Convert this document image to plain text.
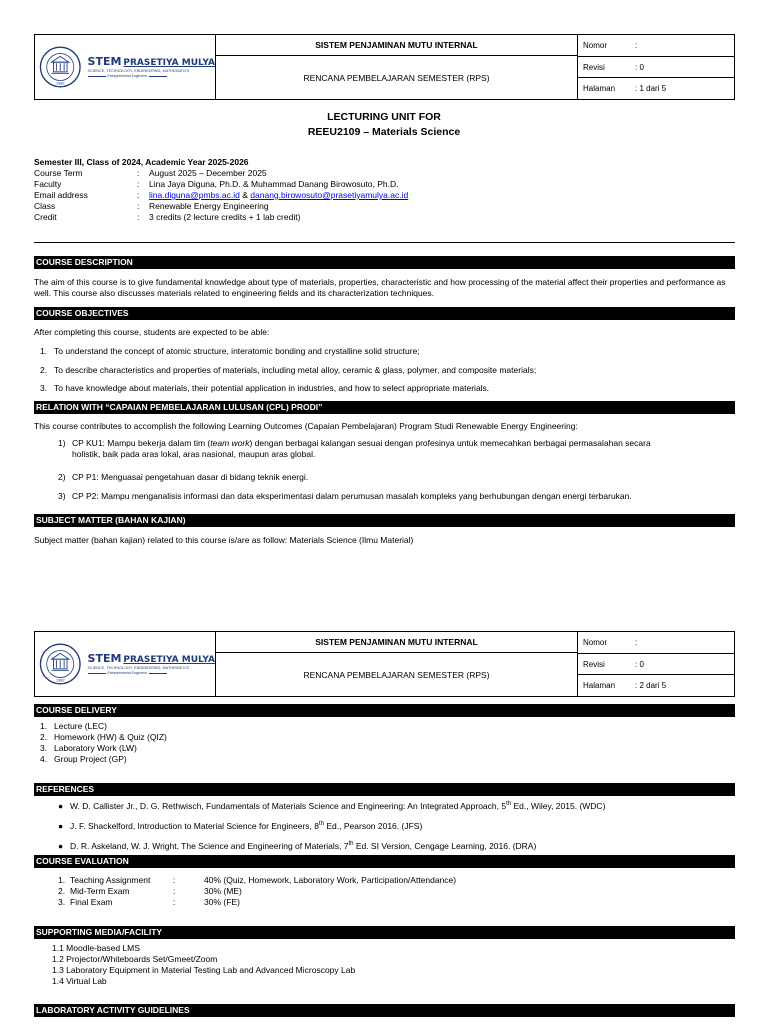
1982
STEM PRASETIYA MULYA
SCIENCE, TECHNOLOGY, ENGINEERING, MATHEMATICS
Entrepreneurial Engineers
SISTEM PENJAMINAN MUTU INTERNAL
RENCANA PEMBELAJARAN SEMESTER (RPS)
Nomor	:
Revisi	: 0
Halaman	: 1 dari 5
LECTURING UNIT FOR
REEU2109 – Materials Science
Semester III, Class of 2024, Academic Year 2025-2026
Course Term	:	August 2025 – December 2025
Faculty	:	Lina Jaya Diguna, Ph.D. & Muhammad Danang Birowosuto, Ph.D.
Email address	:	lina.diguna@pmbs.ac.id & danang.birowosuto@prasetiyamulya.ac.id
Class	:	Renewable Energy Engineering
Credit	:	3 credits (2 lecture credits + 1 lab credit)
COURSE DESCRIPTION
The aim of this course is to give fundamental knowledge about type of materials, properties, characteristic and how processing of the material affect their properties and performance as well. This course also discusses materials related to engineering fields and its characterization techniques.
COURSE OBJECTIVES
After completing this course, students are expected to be able:
1. To understand the concept of atomic structure, interatomic bonding and crystalline solid structure;
2. To describe characteristics and properties of materials, including metal alloy, ceramic & glass, polymer, and composite materials;
3. To have knowledge about materials, their potential application in industries, and how to select appropriate materials.
RELATION WITH “CAPAIAN PEMBELAJARAN LULUSAN (CPL) PRODI”
This course contributes to accomplish the following Learning Outcomes (Capaian Pembelajaran) Program Studi Renewable Energy Engineering:
1) CP KU1: Mampu bekerja dalam tim (team work) dengan berbagai kalangan sesuai dengan profesinya untuk memecahkan berbagai permasalahan secara
holistik, baik pada aras lokal, aras nasional, maupun aras global.
2) CP P1: Menguasai pengetahuan dasar di bidang teknik energi.
3) CP P2: Mampu menganalisis informasi dan data eksperimentasi dalam perumusan masalah kompleks yang berhubungan dengan energi terbarukan.
SUBJECT MATTER (BAHAN KAJIAN)
Subject matter (bahan kajian) related to this course is/are as follow: Materials Science (Ilmu Material)
1982
STEM PRASETIYA MULYA
SCIENCE, TECHNOLOGY, ENGINEERING, MATHEMATICS
Entrepreneurial Engineers
SISTEM PENJAMINAN MUTU INTERNAL
RENCANA PEMBELAJARAN SEMESTER (RPS)
Nomor	:
Revisi	: 0
Halaman	: 2 dari 5
COURSE DELIVERY
1. Lecture (LEC)
2. Homework (HW) & Quiz (QIZ)
3. Laboratory Work (LW)
4. Group Project (GP)
REFERENCES
● W. D. Callister Jr., D. G. Rethwisch, Fundamentals of Materials Science and Engineering: An Integrated Approach, 5th Ed., Wiley, 2015. (WDC)
● J. F. Shackelford, Introduction to Material Science for Engineers, 8th Ed., Pearson 2016. (JFS)
● D. R. Askeland, W. J. Wright, The Science and Engineering of Materials, 7th Ed. SI Version, Cengage Learning, 2016. (DRA)
COURSE EVALUATION
1. Teaching Assignment	:	40% (Quiz, Homework, Laboratory Work, Participation/Attendance)
2. Mid-Term Exam	:	30% (ME)
3. Final Exam	:	30% (FE)
SUPPORTING MEDIA/FACILITY
1.1 Moodle-based LMS
1.2 Projector/Whiteboards Set/Gmeet/Zoom
1.3 Laboratory Equipment in Material Testing Lab and Advanced Microscopy Lab
1.4 Virtual Lab
LABORATORY ACTIVITY GUIDELINES
